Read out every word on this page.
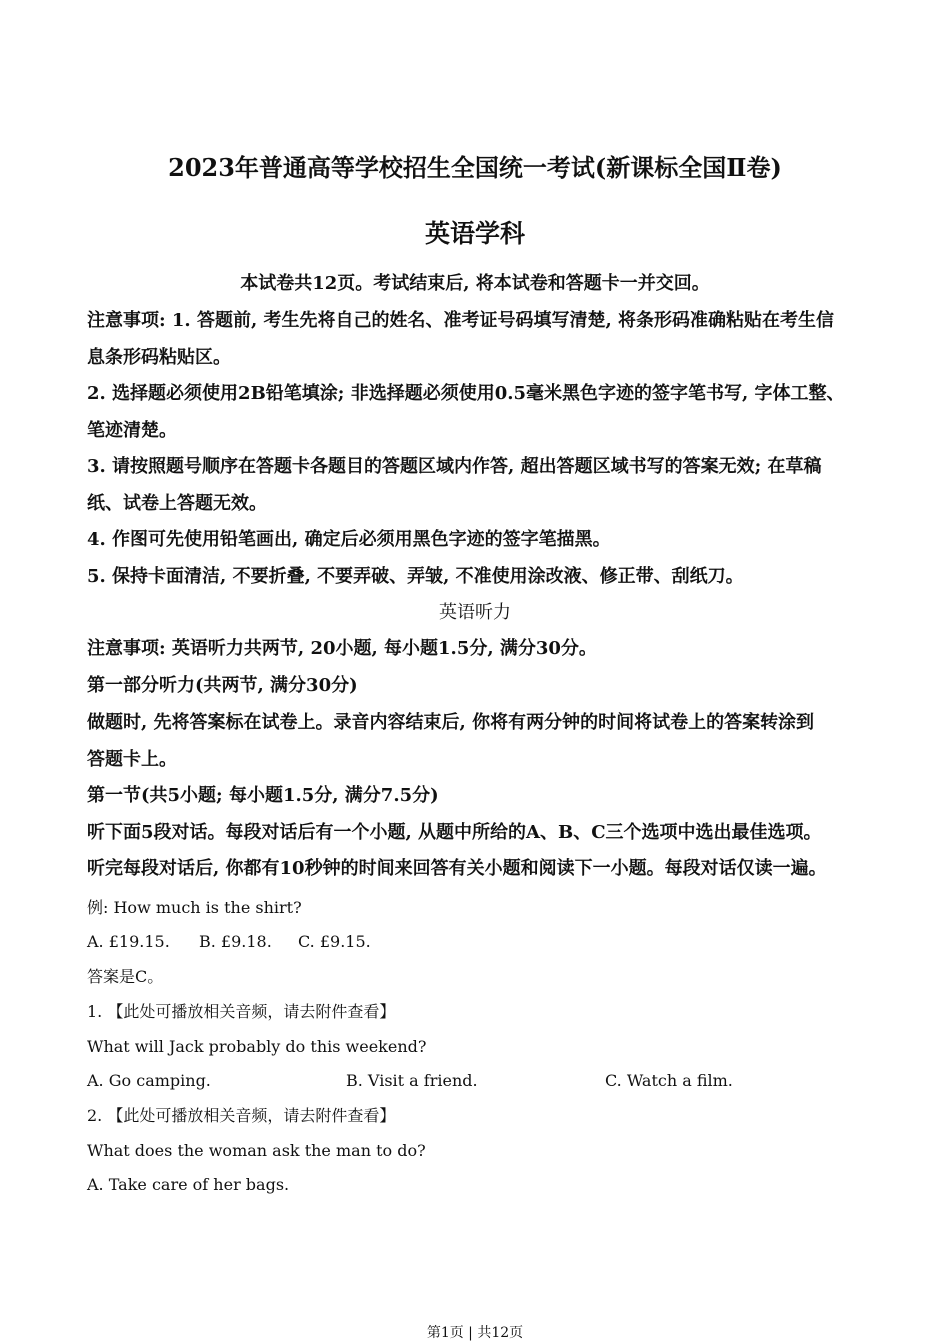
2023年普通高等学校招生全国统一考试(新课标全国Ⅱ卷)
英语学科

本试卷共12页。考试结束后, 将本试卷和答题卡一并交回。

注意事项: 1. 答题前, 考生先将自己的姓名、准考证号码填写清楚, 将条形码准确粘贴在考生信

息条形码粘贴区。

2. 选择题必须使用2B铅笔填涂; 非选择题必须使用0.5毫米黑色字迹的签字笔书写, 字体工整、

笔迹清楚。

3. 请按照题号顺序在答题卡各题目的答题区域内作答, 超出答题区域书写的答案无效; 在草稿

纸、试卷上答题无效。

4. 作图可先使用铅笔画出, 确定后必须用黑色字迹的签字笔描黑。

5. 保持卡面清洁, 不要折叠, 不要弄破、弄皱, 不准使用涂改液、修正带、刮纸刀。

英语听力

注意事项: 英语听力共两节, 20小题, 每小题1.5分, 满分30分。

第一部分听力(共两节, 满分30分)

做题时, 先将答案标在试卷上。录音内容结束后, 你将有两分钟的时间将试卷上的答案转涂到

答题卡上。

第一节(共5小题; 每小题1.5分, 满分7.5分)

听下面5段对话。每段对话后有一个小题, 从题中所给的A、B、C三个选项中选出最佳选项。

听完每段对话后, 你都有10秒钟的时间来回答有关小题和阅读下一小题。每段对话仅读一遍。

例: How much is the shirt?

A. £19.15. B. £9.18. C. £9.15.

答案是C。

1. 【此处可播放相关音频，请去附件查看】

What will Jack probably do this weekend?

A. Go camping.	B. Visit a friend.	C. Watch a film.

2. 【此处可播放相关音频，请去附件查看】

What does the woman ask the man to do?

A. Take care of her bags.

第1页 | 共12页
